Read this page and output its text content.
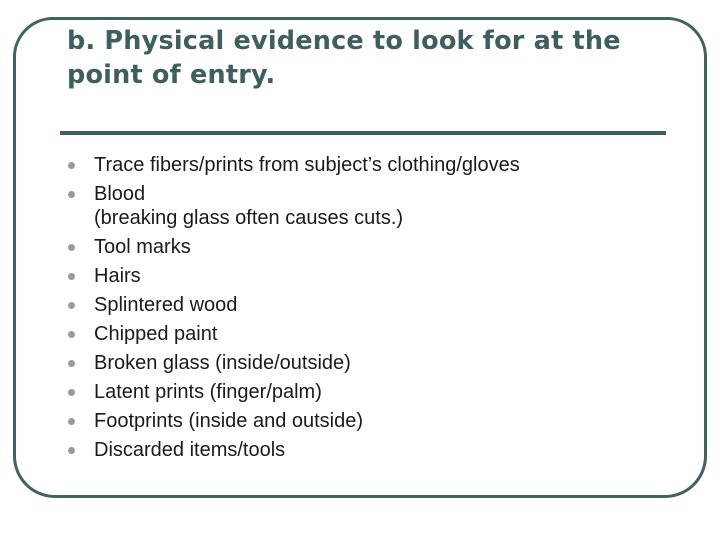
b. Physical evidence to look for at the point of entry.
Trace fibers/prints from subject’s clothing/gloves
Blood
(breaking glass often causes cuts.)
Tool marks
Hairs
Splintered wood
Chipped paint
Broken glass (inside/outside)
Latent prints (finger/palm)
Footprints (inside and outside)
Discarded items/tools
